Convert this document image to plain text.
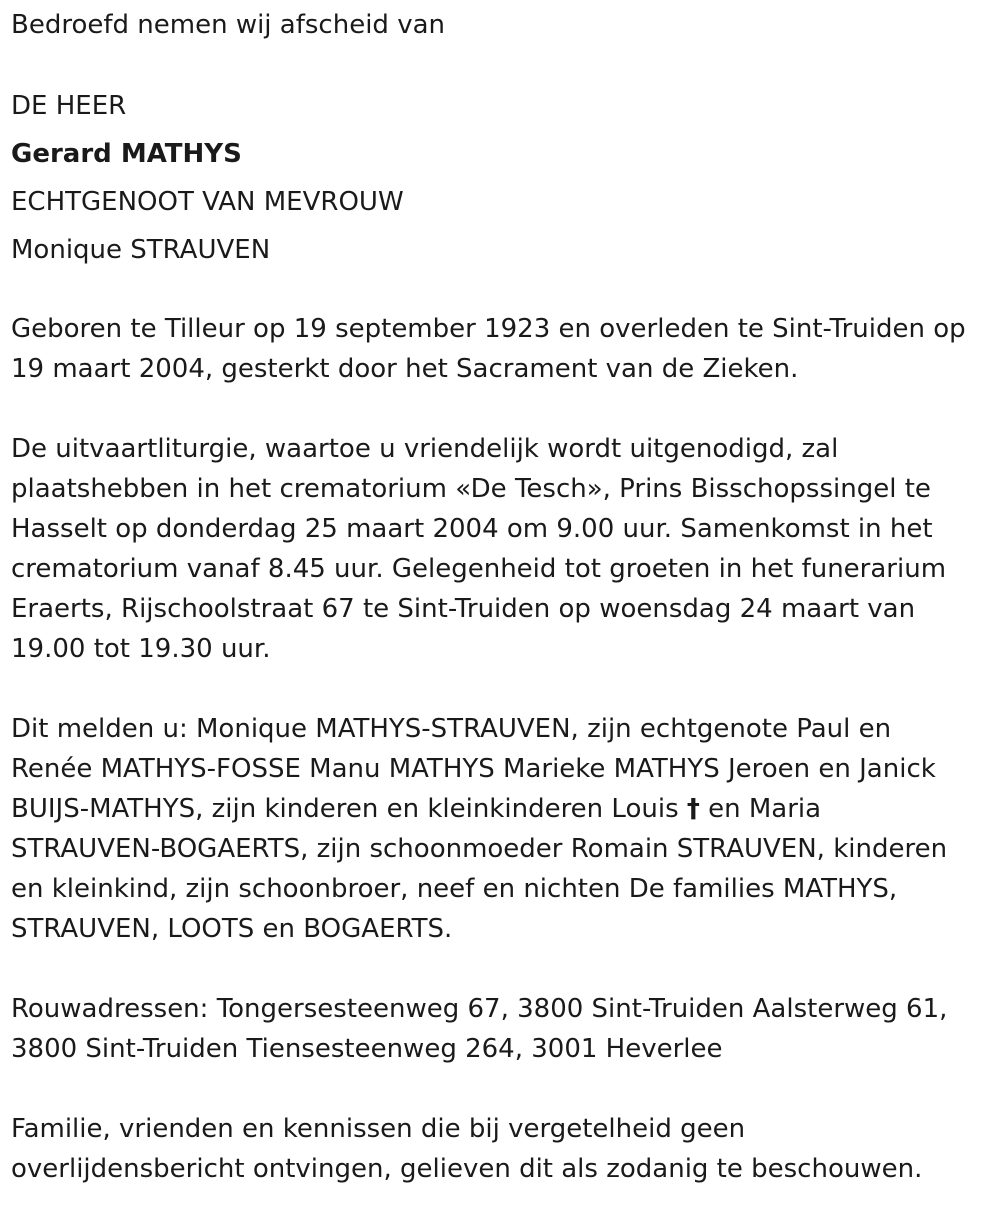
Bedroefd nemen wij afscheid van

DE HEER

Gerard MATHYS

ECHTGENOOT VAN MEVROUW

Monique STRAUVEN

Geboren te Tilleur op 19 september 1923 en overleden te Sint-Truiden op

19 maart 2004, gesterkt door het Sacrament van de Zieken.

De uitvaartliturgie, waartoe u vriendelijk wordt uitgenodigd, zal

plaatshebben in het crematorium «De Tesch», Prins Bisschopssingel te

Hasselt op donderdag 25 maart 2004 om 9.00 uur. Samenkomst in het

crematorium vanaf 8.45 uur. Gelegenheid tot groeten in het funerarium

Eraerts, Rijschoolstraat 67 te Sint-Truiden op woensdag 24 maart van

19.00 tot 19.30 uur.

Dit melden u: Monique MATHYS-STRAUVEN, zijn echtgenote Paul en

Renée MATHYS-FOSSE Manu MATHYS Marieke MATHYS Jeroen en Janick

BUIJS-MATHYS, zijn kinderen en kleinkinderen Louis † en Maria

STRAUVEN-BOGAERTS, zijn schoonmoeder Romain STRAUVEN, kinderen

en kleinkind, zijn schoonbroer, neef en nichten De families MATHYS,

STRAUVEN, LOOTS en BOGAERTS.

Rouwadressen: Tongersesteenweg 67, 3800 Sint-Truiden Aalsterweg 61,

3800 Sint-Truiden Tiensesteenweg 264, 3001 Heverlee

Familie, vrienden en kennissen die bij vergetelheid geen

overlijdensbericht ontvingen, gelieven dit als zodanig te beschouwen.
